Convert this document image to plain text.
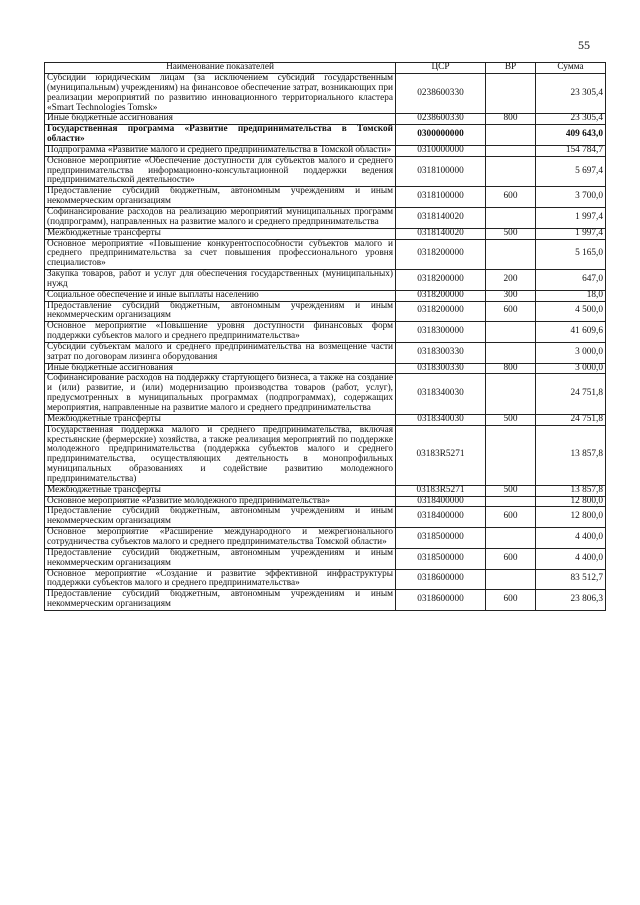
55
Наименование показателей	ЦСР	ВР	Сумма
Субсидии юридическим лицам (за исключением субсидий государственным (муниципальным) учреждениям) на финансовое обеспечение затрат, возникающих при реализации мероприятий по развитию инновационного территориального кластера «Smart Technologies Tomsk»	0238600330		23 305,4
Иные бюджетные ассигнования	0238600330	800	23 305,4
Государственная программа «Развитие предпринимательства в Томской области»	0300000000		409 643,0
Подпрограмма «Развитие малого и среднего предпринимательства в Томской области»	0310000000		154 784,7
Основное мероприятие «Обеспечение доступности для субъектов малого и среднего предпринимательства информационно-консультационной поддержки ведения предпринимательской деятельности»	0318100000		5 697,4
Предоставление субсидий бюджетным, автономным учреждениям и иным некоммерческим организациям	0318100000	600	3 700,0
Софинансирование расходов на реализацию мероприятий муниципальных программ (подпрограмм), направленных на развитие малого и среднего предпринимательства	0318140020		1 997,4
Межбюджетные трансферты	0318140020	500	1 997,4
Основное мероприятие «Повышение конкурентоспособности субъектов малого и среднего предпринимательства за счет повышения профессионального уровня специалистов»	0318200000		5 165,0
Закупка товаров, работ и услуг для обеспечения государственных (муниципальных) нужд	0318200000	200	647,0
Социальное обеспечение и иные выплаты населению	0318200000	300	18,0
Предоставление субсидий бюджетным, автономным учреждениям и иным некоммерческим организациям	0318200000	600	4 500,0
Основное мероприятие «Повышение уровня доступности финансовых форм поддержки субъектов малого и среднего предпринимательства»	0318300000		41 609,6
Субсидии субъектам малого и среднего предпринимательства на возмещение части затрат по договорам лизинга оборудования	0318300330		3 000,0
Иные бюджетные ассигнования	0318300330	800	3 000,0
Софинансирование расходов на поддержку стартующего бизнеса, а также на создание и (или) развитие, и (или) модернизацию производства товаров (работ, услуг), предусмотренных в муниципальных программах (подпрограммах), содержащих мероприятия, направленные на развитие малого и среднего предпринимательства	0318340030		24 751,8
Межбюджетные трансферты	0318340030	500	24 751,8
Государственная поддержка малого и среднего предпринимательства, включая крестьянские (фермерские) хозяйства, а также реализация мероприятий по поддержке молодежного предпринимательства (поддержка субъектов малого и среднего предпринимательства, осуществляющих деятельность в монопрофильных муниципальных образованиях и содействие развитию молодежного предпринимательства)	03183R5271		13 857,8
Межбюджетные трансферты	03183R5271	500	13 857,8
Основное мероприятие «Развитие молодежного предпринимательства»	0318400000		12 800,0
Предоставление субсидий бюджетным, автономным учреждениям и иным некоммерческим организациям	0318400000	600	12 800,0
Основное мероприятие «Расширение международного и межрегионального сотрудничества субъектов малого и среднего предпринимательства Томской области»	0318500000		4 400,0
Предоставление субсидий бюджетным, автономным учреждениям и иным некоммерческим организациям	0318500000	600	4 400,0
Основное мероприятие «Создание и развитие эффективной инфраструктуры поддержки субъектов малого и среднего предпринимательства»	0318600000		83 512,7
Предоставление субсидий бюджетным, автономным учреждениям и иным некоммерческим организациям	0318600000	600	23 806,3
